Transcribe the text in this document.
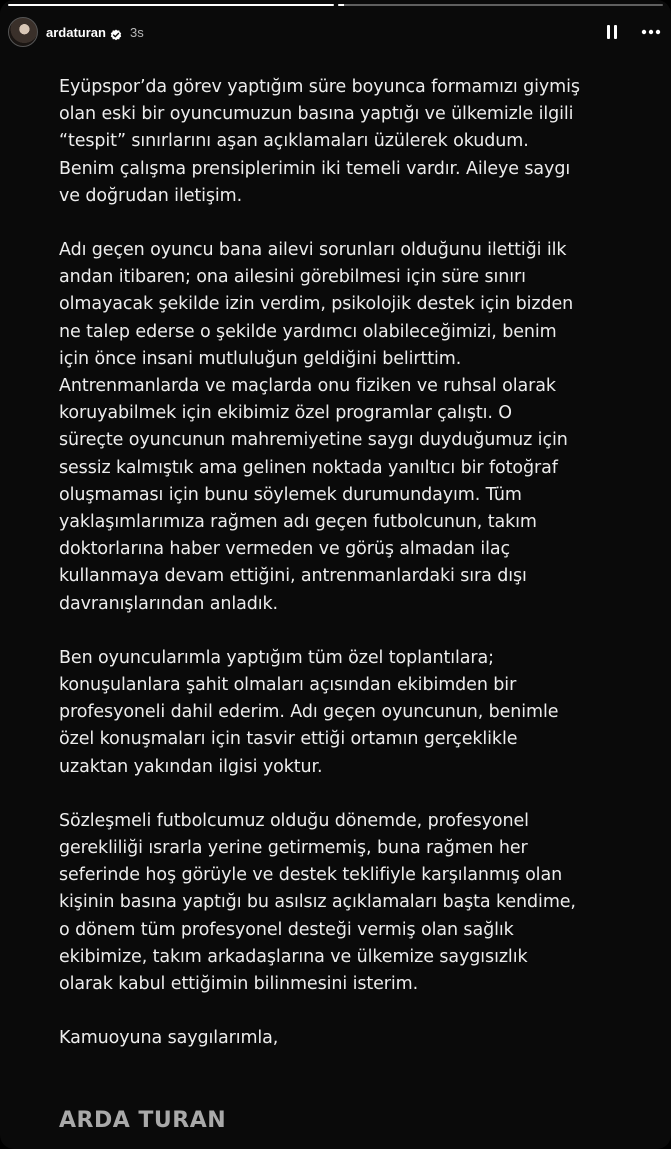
ardaturan 3s

Eyüpspor’da görev yaptığım süre boyunca formamızı giymiş
olan eski bir oyuncumuzun basına yaptığı ve ülkemizle ilgili
“tespit” sınırlarını aşan açıklamaları üzülerek okudum.
Benim çalışma prensiplerimin iki temeli vardır. Aileye saygı
ve doğrudan iletişim.

Adı geçen oyuncu bana ailevi sorunları olduğunu ilettiği ilk
andan itibaren; ona ailesini görebilmesi için süre sınırı
olmayacak şekilde izin verdim, psikolojik destek için bizden
ne talep ederse o şekilde yardımcı olabileceğimizi, benim
için önce insani mutluluğun geldiğini belirttim.
Antrenmanlarda ve maçlarda onu fiziken ve ruhsal olarak
koruyabilmek için ekibimiz özel programlar çalıştı. O
süreçte oyuncunun mahremiyetine saygı duyduğumuz için
sessiz kalmıştık ama gelinen noktada yanıltıcı bir fotoğraf
oluşmaması için bunu söylemek durumundayım. Tüm
yaklaşımlarımıza rağmen adı geçen futbolcunun, takım
doktorlarına haber vermeden ve görüş almadan ilaç
kullanmaya devam ettiğini, antrenmanlardaki sıra dışı
davranışlarından anladık.

Ben oyuncularımla yaptığım tüm özel toplantılara;
konuşulanlara şahit olmaları açısından ekibimden bir
profesyoneli dahil ederim. Adı geçen oyuncunun, benimle
özel konuşmaları için tasvir ettiği ortamın gerçeklikle
uzaktan yakından ilgisi yoktur.

Sözleşmeli futbolcumuz olduğu dönemde, profesyonel
gerekliliği ısrarla yerine getirmemiş, buna rağmen her
seferinde hoş görüyle ve destek teklifiyle karşılanmış olan
kişinin basına yaptığı bu asılsız açıklamaları başta kendime,
o dönem tüm profesyonel desteği vermiş olan sağlık
ekibimize, takım arkadaşlarına ve ülkemize saygısızlık
olarak kabul ettiğimin bilinmesini isterim.

Kamuoyuna saygılarımla,

ARDA TURAN
